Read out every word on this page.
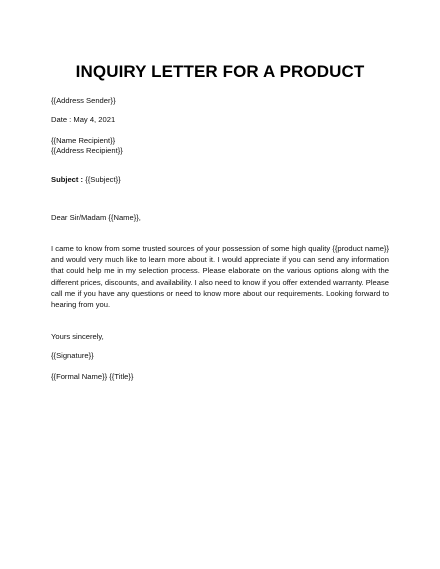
INQUIRY LETTER FOR A PRODUCT
{{Address Sender}}
Date : May 4, 2021
{{Name Recipient}}
{{Address Recipient}}
Subject : {{Subject}}
Dear Sir/Madam {{Name}},
I came to know from some trusted sources of your possession of some high quality {{product name}} and would very much like to learn more about it. I would appreciate if you can send any information that could help me in my selection process. Please elaborate on the various options along with the different prices, discounts, and availability. I also need to know if you offer extended warranty. Please call me if you have any questions or need to know more about our requirements. Looking forward to hearing from you.
Yours sincerely,
{{Signature}}
{{Formal Name}} {{Title}}
